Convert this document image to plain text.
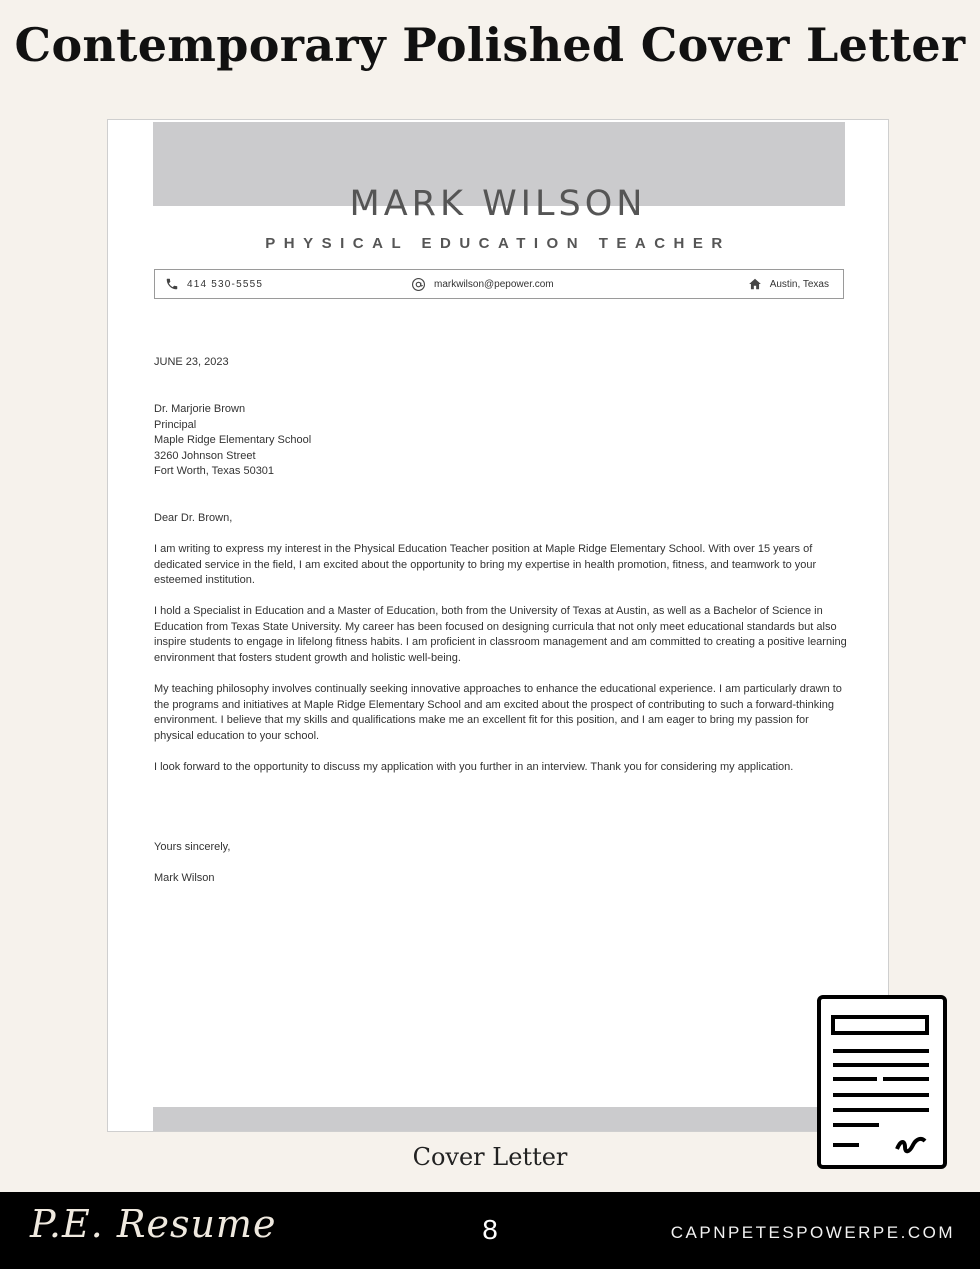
Contemporary Polished Cover Letter
MARK WILSON
PHYSICAL EDUCATION TEACHER
414 530-5555	markwilson@pepower.com	Austin, Texas
JUNE 23, 2023
Dr. Marjorie Brown
Principal
Maple Ridge Elementary School
3260 Johnson Street
Fort Worth, Texas 50301
Dear Dr. Brown,

I am writing to express my interest in the Physical Education Teacher position at Maple Ridge Elementary School. With over 15 years of dedicated service in the field, I am excited about the opportunity to bring my expertise in health promotion, fitness, and teamwork to your esteemed institution.

I hold a Specialist in Education and a Master of Education, both from the University of Texas at Austin, as well as a Bachelor of Science in Education from Texas State University. My career has been focused on designing curricula that not only meet educational standards but also inspire students to engage in lifelong fitness habits. I am proficient in classroom management and am committed to creating a positive learning environment that fosters student growth and holistic well-being.

My teaching philosophy involves continually seeking innovative approaches to enhance the educational experience. I am particularly drawn to the programs and initiatives at Maple Ridge Elementary School and am excited about the prospect of contributing to such a forward-thinking environment. I believe that my skills and qualifications make me an excellent fit for this position, and I am eager to bring my passion for physical education to your school.

I look forward to the opportunity to discuss my application with you further in an interview. Thank you for considering my application.

Yours sincerely,
Mark Wilson
Cover Letter
P.E. Resume	8	CAPNPETESPOWERPE.COM
